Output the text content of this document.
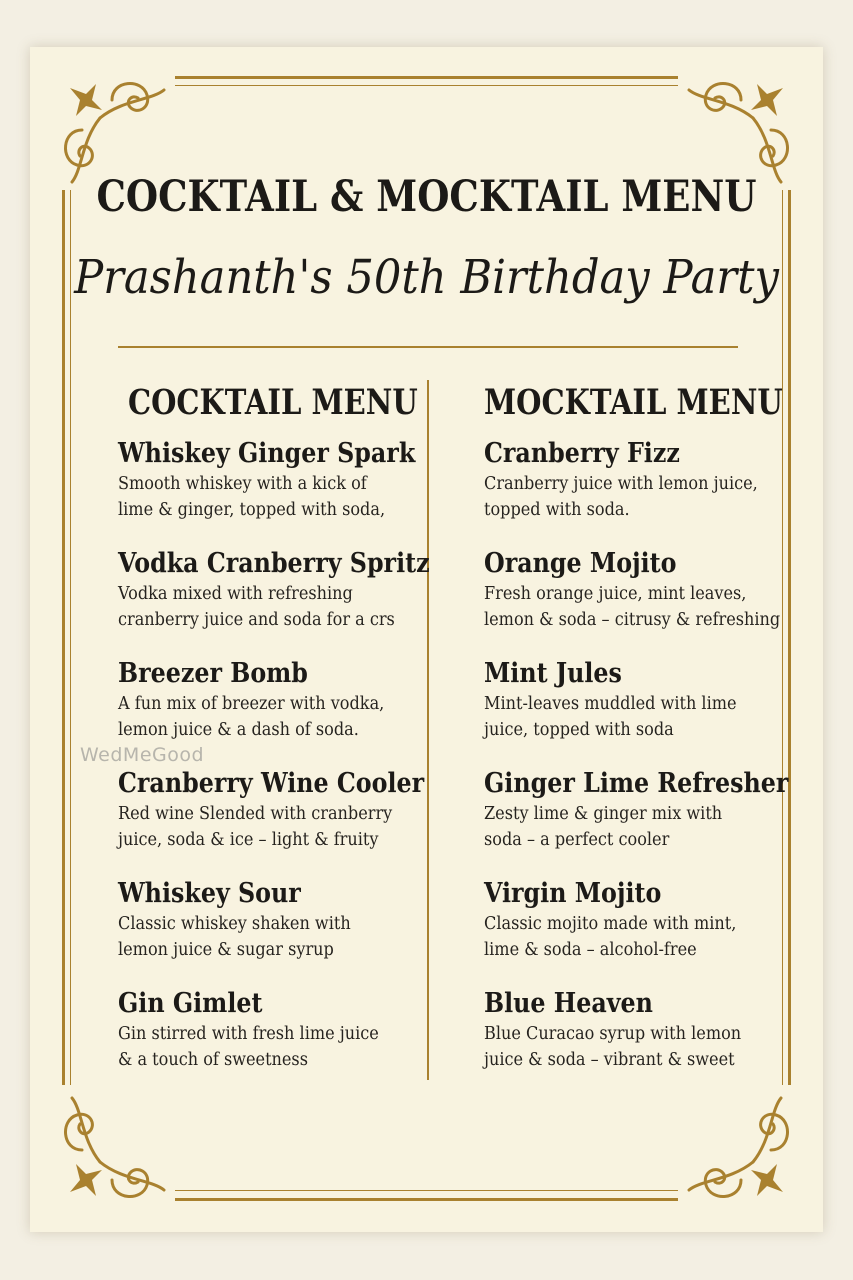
COCKTAIL & MOCKTAIL MENU
Prashanth's 50th Birthday Party
COCKTAIL MENU
Whiskey Ginger Spark
Smooth whiskey with a kick of
lime & ginger, topped with soda,
Vodka Cranberry Spritz
Vodka mixed with refreshing
cranberry juice and soda for a crs
Breezer Bomb
A fun mix of breezer with vodka,
lemon juice & a dash of soda.
Cranberry Wine Cooler
Red wine Slended with cranberry
juice, soda & ice – light & fruity
Whiskey Sour
Classic whiskey shaken with
lemon juice & sugar syrup
Gin Gimlet
Gin stirred with fresh lime juice
& a touch of sweetness
MOCKTAIL MENU
Cranberry Fizz
Cranberry juice with lemon juice,
topped with soda.
Orange Mojito
Fresh orange juice, mint leaves,
lemon & soda – citrusy & refreshing
Mint Jules
Mint-leaves muddled with lime
juice, topped with soda
Ginger Lime Refresher
Zesty lime & ginger mix with
soda – a perfect cooler
Virgin Mojito
Classic mojito made with mint,
lime & soda – alcohol-free
Blue Heaven
Blue Curacao syrup with lemon
juice & soda – vibrant & sweet
WedMeGood
